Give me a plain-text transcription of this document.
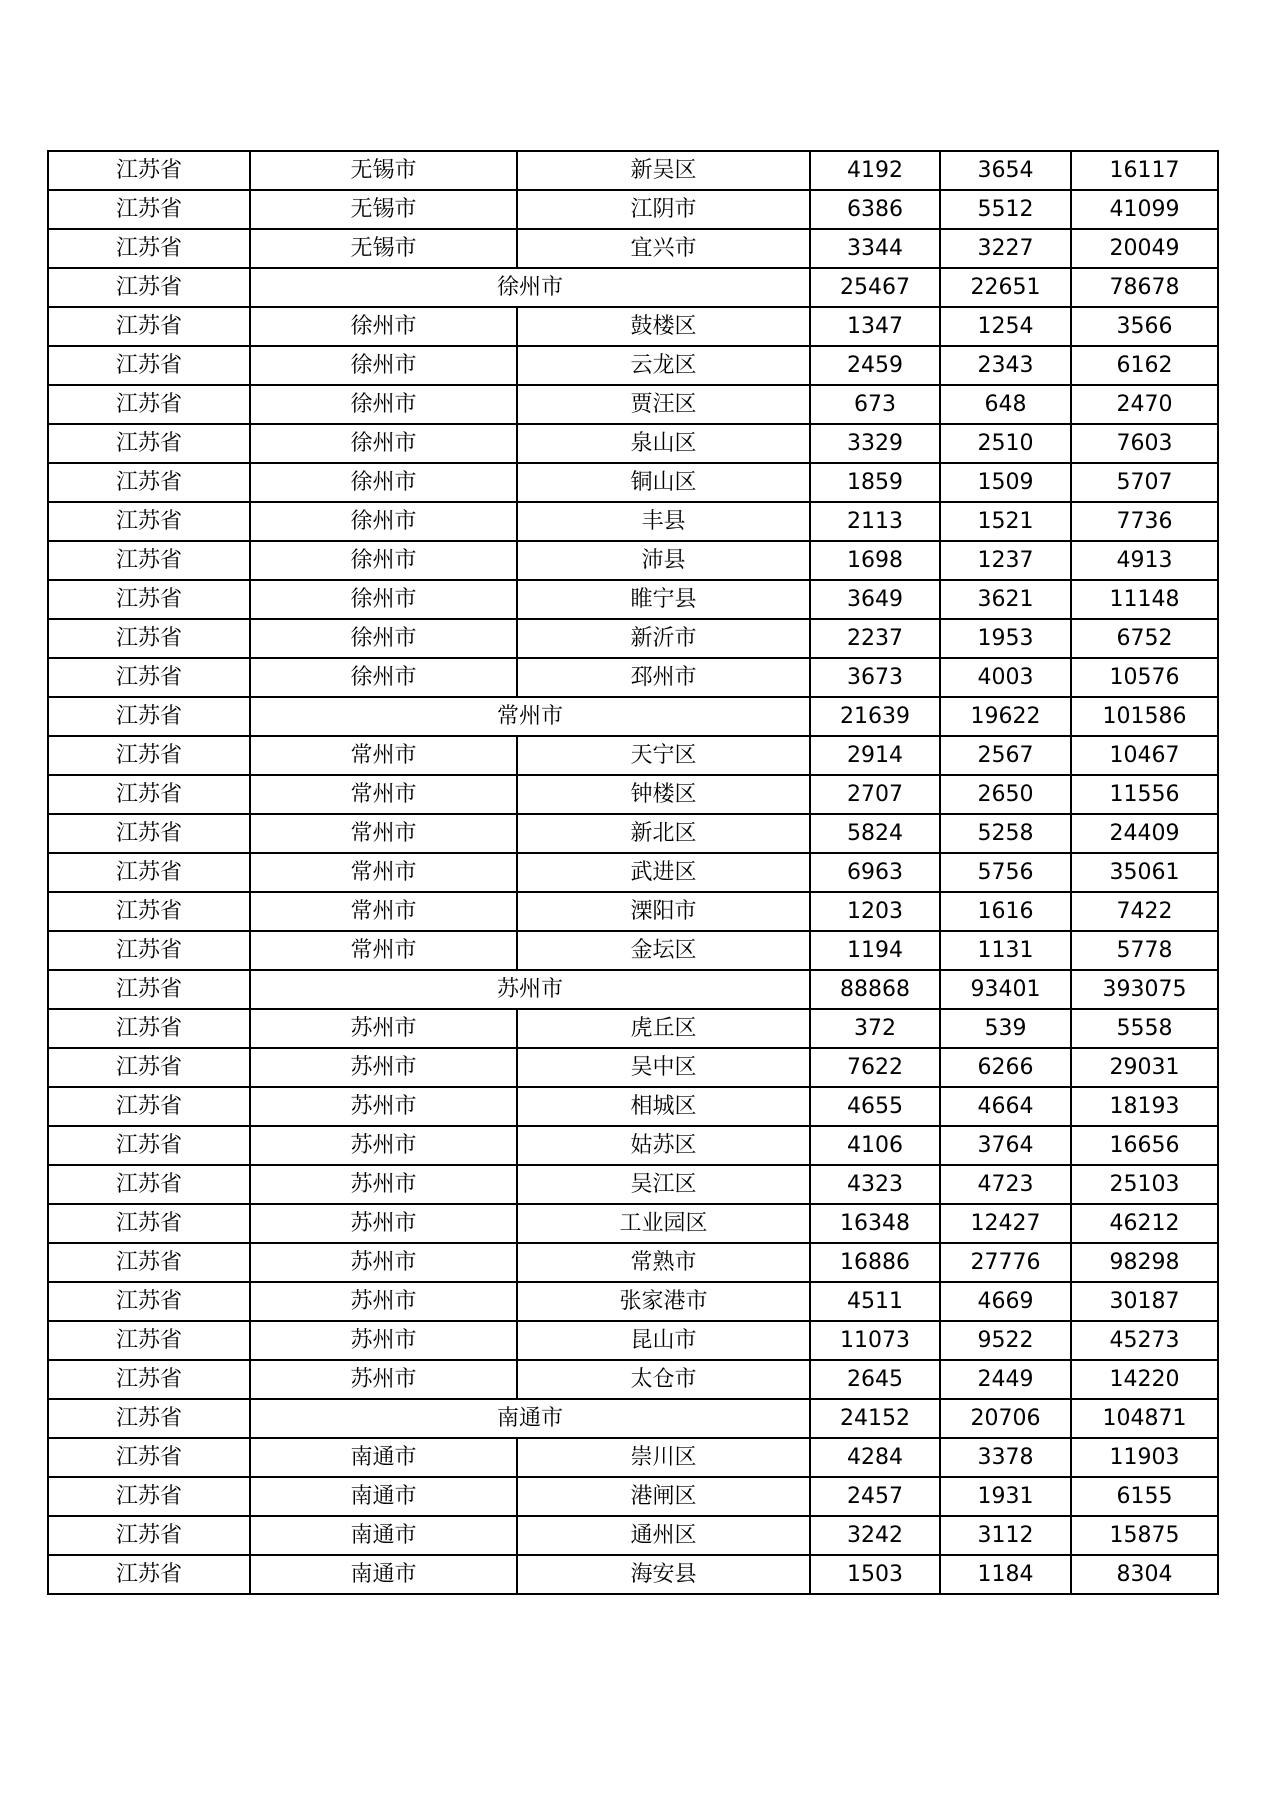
江苏省	无锡市	新吴区	4192	3654	16117
江苏省	无锡市	江阴市	6386	5512	41099
江苏省	无锡市	宜兴市	3344	3227	20049
江苏省	徐州市		25467	22651	78678
江苏省	徐州市	鼓楼区	1347	1254	3566
江苏省	徐州市	云龙区	2459	2343	6162
江苏省	徐州市	贾汪区	673	648	2470
江苏省	徐州市	泉山区	3329	2510	7603
江苏省	徐州市	铜山区	1859	1509	5707
江苏省	徐州市	丰县	2113	1521	7736
江苏省	徐州市	沛县	1698	1237	4913
江苏省	徐州市	睢宁县	3649	3621	11148
江苏省	徐州市	新沂市	2237	1953	6752
江苏省	徐州市	邳州市	3673	4003	10576
江苏省	常州市		21639	19622	101586
江苏省	常州市	天宁区	2914	2567	10467
江苏省	常州市	钟楼区	2707	2650	11556
江苏省	常州市	新北区	5824	5258	24409
江苏省	常州市	武进区	6963	5756	35061
江苏省	常州市	溧阳市	1203	1616	7422
江苏省	常州市	金坛区	1194	1131	5778
江苏省	苏州市		88868	93401	393075
江苏省	苏州市	虎丘区	372	539	5558
江苏省	苏州市	吴中区	7622	6266	29031
江苏省	苏州市	相城区	4655	4664	18193
江苏省	苏州市	姑苏区	4106	3764	16656
江苏省	苏州市	吴江区	4323	4723	25103
江苏省	苏州市	工业园区	16348	12427	46212
江苏省	苏州市	常熟市	16886	27776	98298
江苏省	苏州市	张家港市	4511	4669	30187
江苏省	苏州市	昆山市	11073	9522	45273
江苏省	苏州市	太仓市	2645	2449	14220
江苏省	南通市		24152	20706	104871
江苏省	南通市	崇川区	4284	3378	11903
江苏省	南通市	港闸区	2457	1931	6155
江苏省	南通市	通州区	3242	3112	15875
江苏省	南通市	海安县	1503	1184	8304
